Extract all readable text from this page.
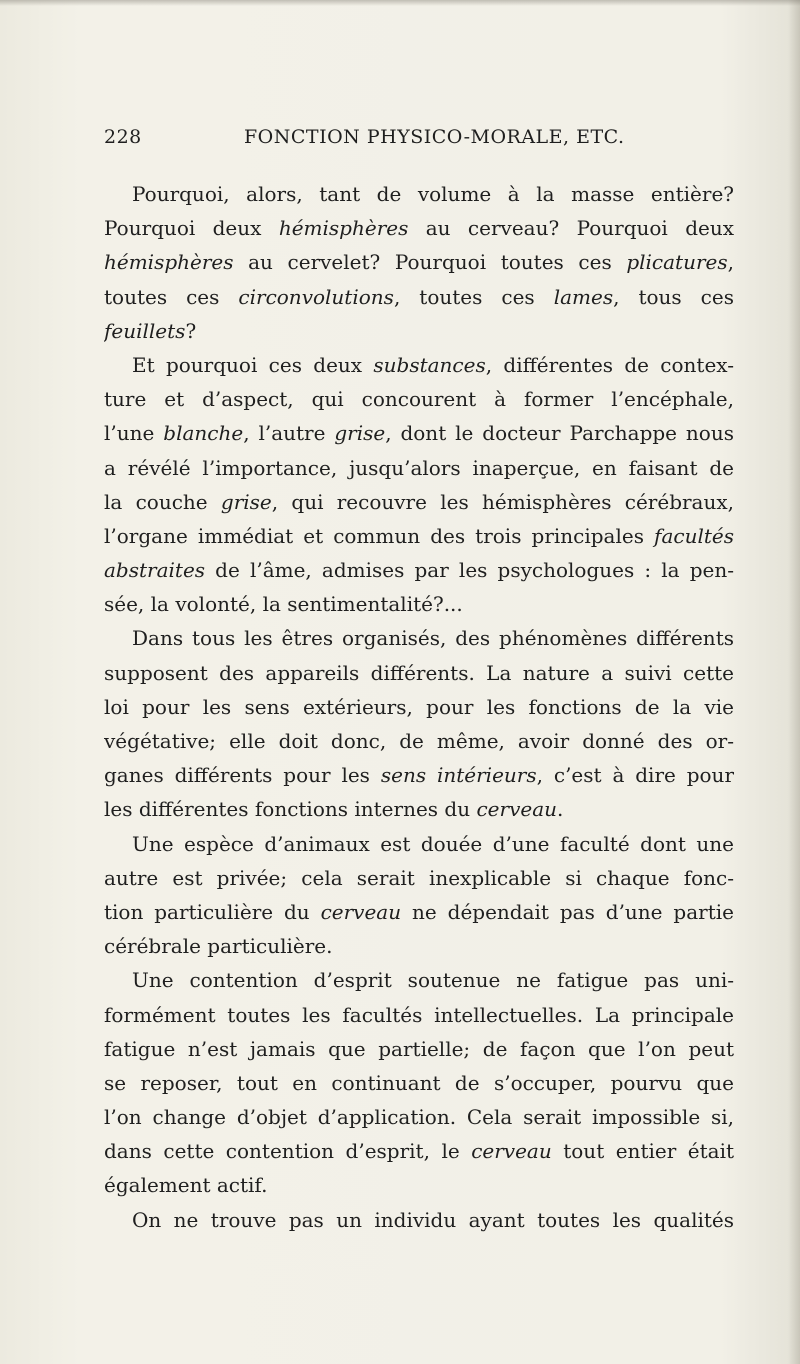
228	FONCTION PHYSICO-MORALE, ETC.
Pourquoi, alors, tant de volume à la masse entière?
Pourquoi deux hémisphères au cerveau? Pourquoi deux
hémisphères au cervelet? Pourquoi toutes ces plicatures,
toutes ces circonvolutions, toutes ces lames, tous ces
feuillets?
Et pourquoi ces deux substances, différentes de contex-
ture et d’aspect, qui concourent à former l’encéphale,
l’une blanche, l’autre grise, dont le docteur Parchappe nous
a révélé l’importance, jusqu’alors inaperçue, en faisant de
la couche grise, qui recouvre les hémisphères cérébraux,
l’organe immédiat et commun des trois principales facultés
abstraites de l’âme, admises par les psychologues : la pen-
sée, la volonté, la sentimentalité?...
Dans tous les êtres organisés, des phénomènes différents
supposent des appareils différents. La nature a suivi cette
loi pour les sens extérieurs, pour les fonctions de la vie
végétative; elle doit donc, de même, avoir donné des or-
ganes différents pour les sens intérieurs, c’est à dire pour
les différentes fonctions internes du cerveau.
Une espèce d’animaux est douée d’une faculté dont une
autre est privée; cela serait inexplicable si chaque fonc-
tion particulière du cerveau ne dépendait pas d’une partie
cérébrale particulière.
Une contention d’esprit soutenue ne fatigue pas uni-
formément toutes les facultés intellectuelles. La principale
fatigue n’est jamais que partielle; de façon que l’on peut
se reposer, tout en continuant de s’occuper, pourvu que
l’on change d’objet d’application. Cela serait impossible si,
dans cette contention d’esprit, le cerveau tout entier était
également actif.
On ne trouve pas un individu ayant toutes les qualités
